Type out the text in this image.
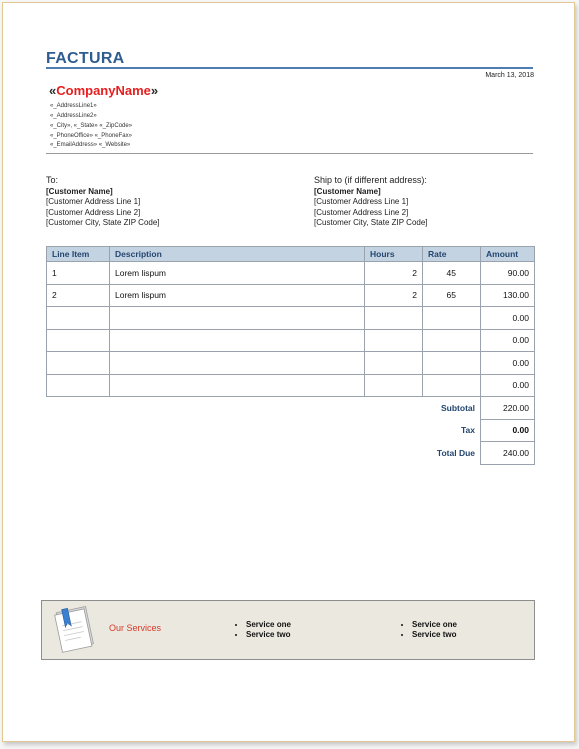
FACTURA
March 13, 2018
«CompanyName»
«_AddressLine1»
«_AddressLine2»
«_City», «_State» «_ZipCode»
«_PhoneOffice» «_PhoneFax»
«_EmailAddress» «_Website»
To:
[Customer Name]
[Customer Address Line 1]
[Customer Address Line 2]
[Customer City, State ZIP Code]
Ship to (if different address):
[Customer Name]
[Customer Address Line 1]
[Customer Address Line 2]
[Customer City, State ZIP Code]
Line Item	Description	Hours	Rate	Amount
1	Lorem lispum	2	45	90.00
2	Lorem lispum	2	65	130.00
				0.00
				0.00
				0.00
				0.00
		Subtotal		220.00
		Tax		0.00
		Total Due		240.00
Our Services	• Service one
• Service two
• Service one
• Service two
